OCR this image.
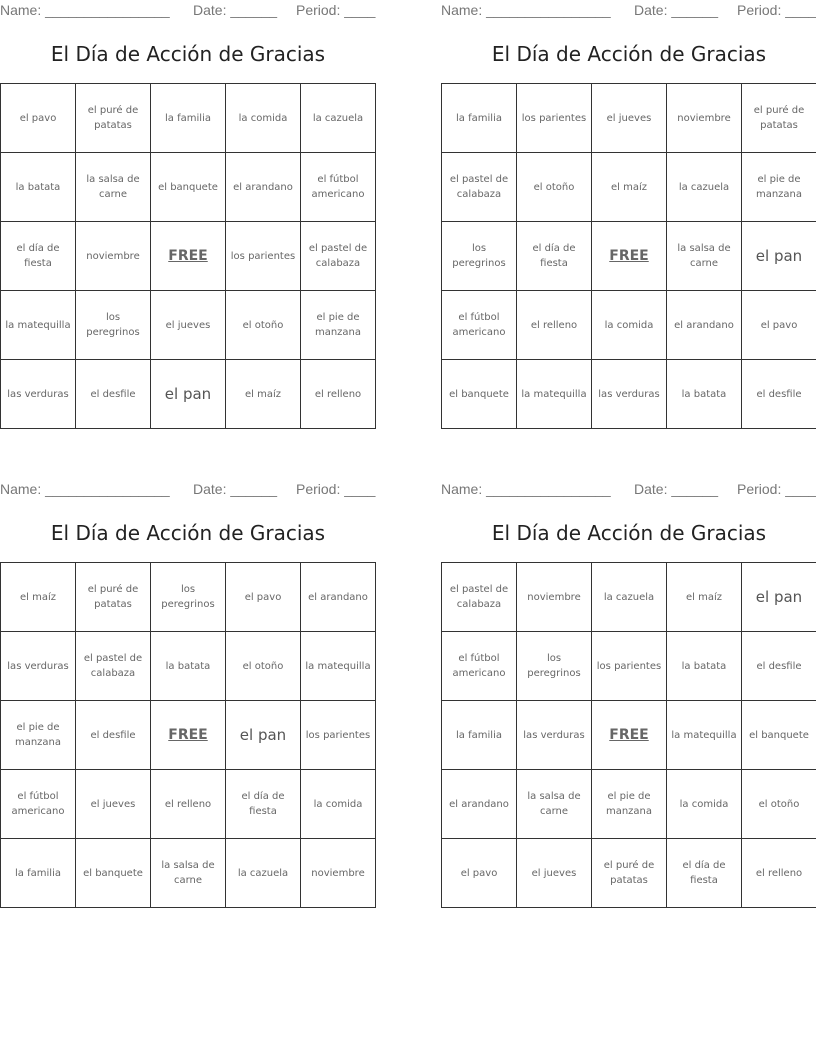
Name: ________________ Date: ______ Period: ____
El Día de Acción de Gracias
el pavo	el puré de patatas	la familia	la comida	la cazuela
la batata	la salsa de carne	el banquete	el arandano	el fútbol americano
el día de fiesta	noviembre	FREE	los parientes	el pastel de calabaza
la matequilla	los peregrinos	el jueves	el otoño	el pie de manzana
las verduras	el desfile	el pan	el maíz	el relleno
Name: ________________ Date: ______ Period: ____
El Día de Acción de Gracias
la familia	los parientes	el jueves	noviembre	el puré de patatas
el pastel de calabaza	el otoño	el maíz	la cazuela	el pie de manzana
los peregrinos	el día de fiesta	FREE	la salsa de carne	el pan
el fútbol americano	el relleno	la comida	el arandano	el pavo
el banquete	la matequilla	las verduras	la batata	el desfile
Name: ________________ Date: ______ Period: ____
El Día de Acción de Gracias
el maíz	el puré de patatas	los peregrinos	el pavo	el arandano
las verduras	el pastel de calabaza	la batata	el otoño	la matequilla
el pie de manzana	el desfile	FREE	el pan	los parientes
el fútbol americano	el jueves	el relleno	el día de fiesta	la comida
la familia	el banquete	la salsa de carne	la cazuela	noviembre
Name: ________________ Date: ______ Period: ____
El Día de Acción de Gracias
el pastel de calabaza	noviembre	la cazuela	el maíz	el pan
el fútbol americano	los peregrinos	los parientes	la batata	el desfile
la familia	las verduras	FREE	la matequilla	el banquete
el arandano	la salsa de carne	el pie de manzana	la comida	el otoño
el pavo	el jueves	el puré de patatas	el día de fiesta	el relleno
